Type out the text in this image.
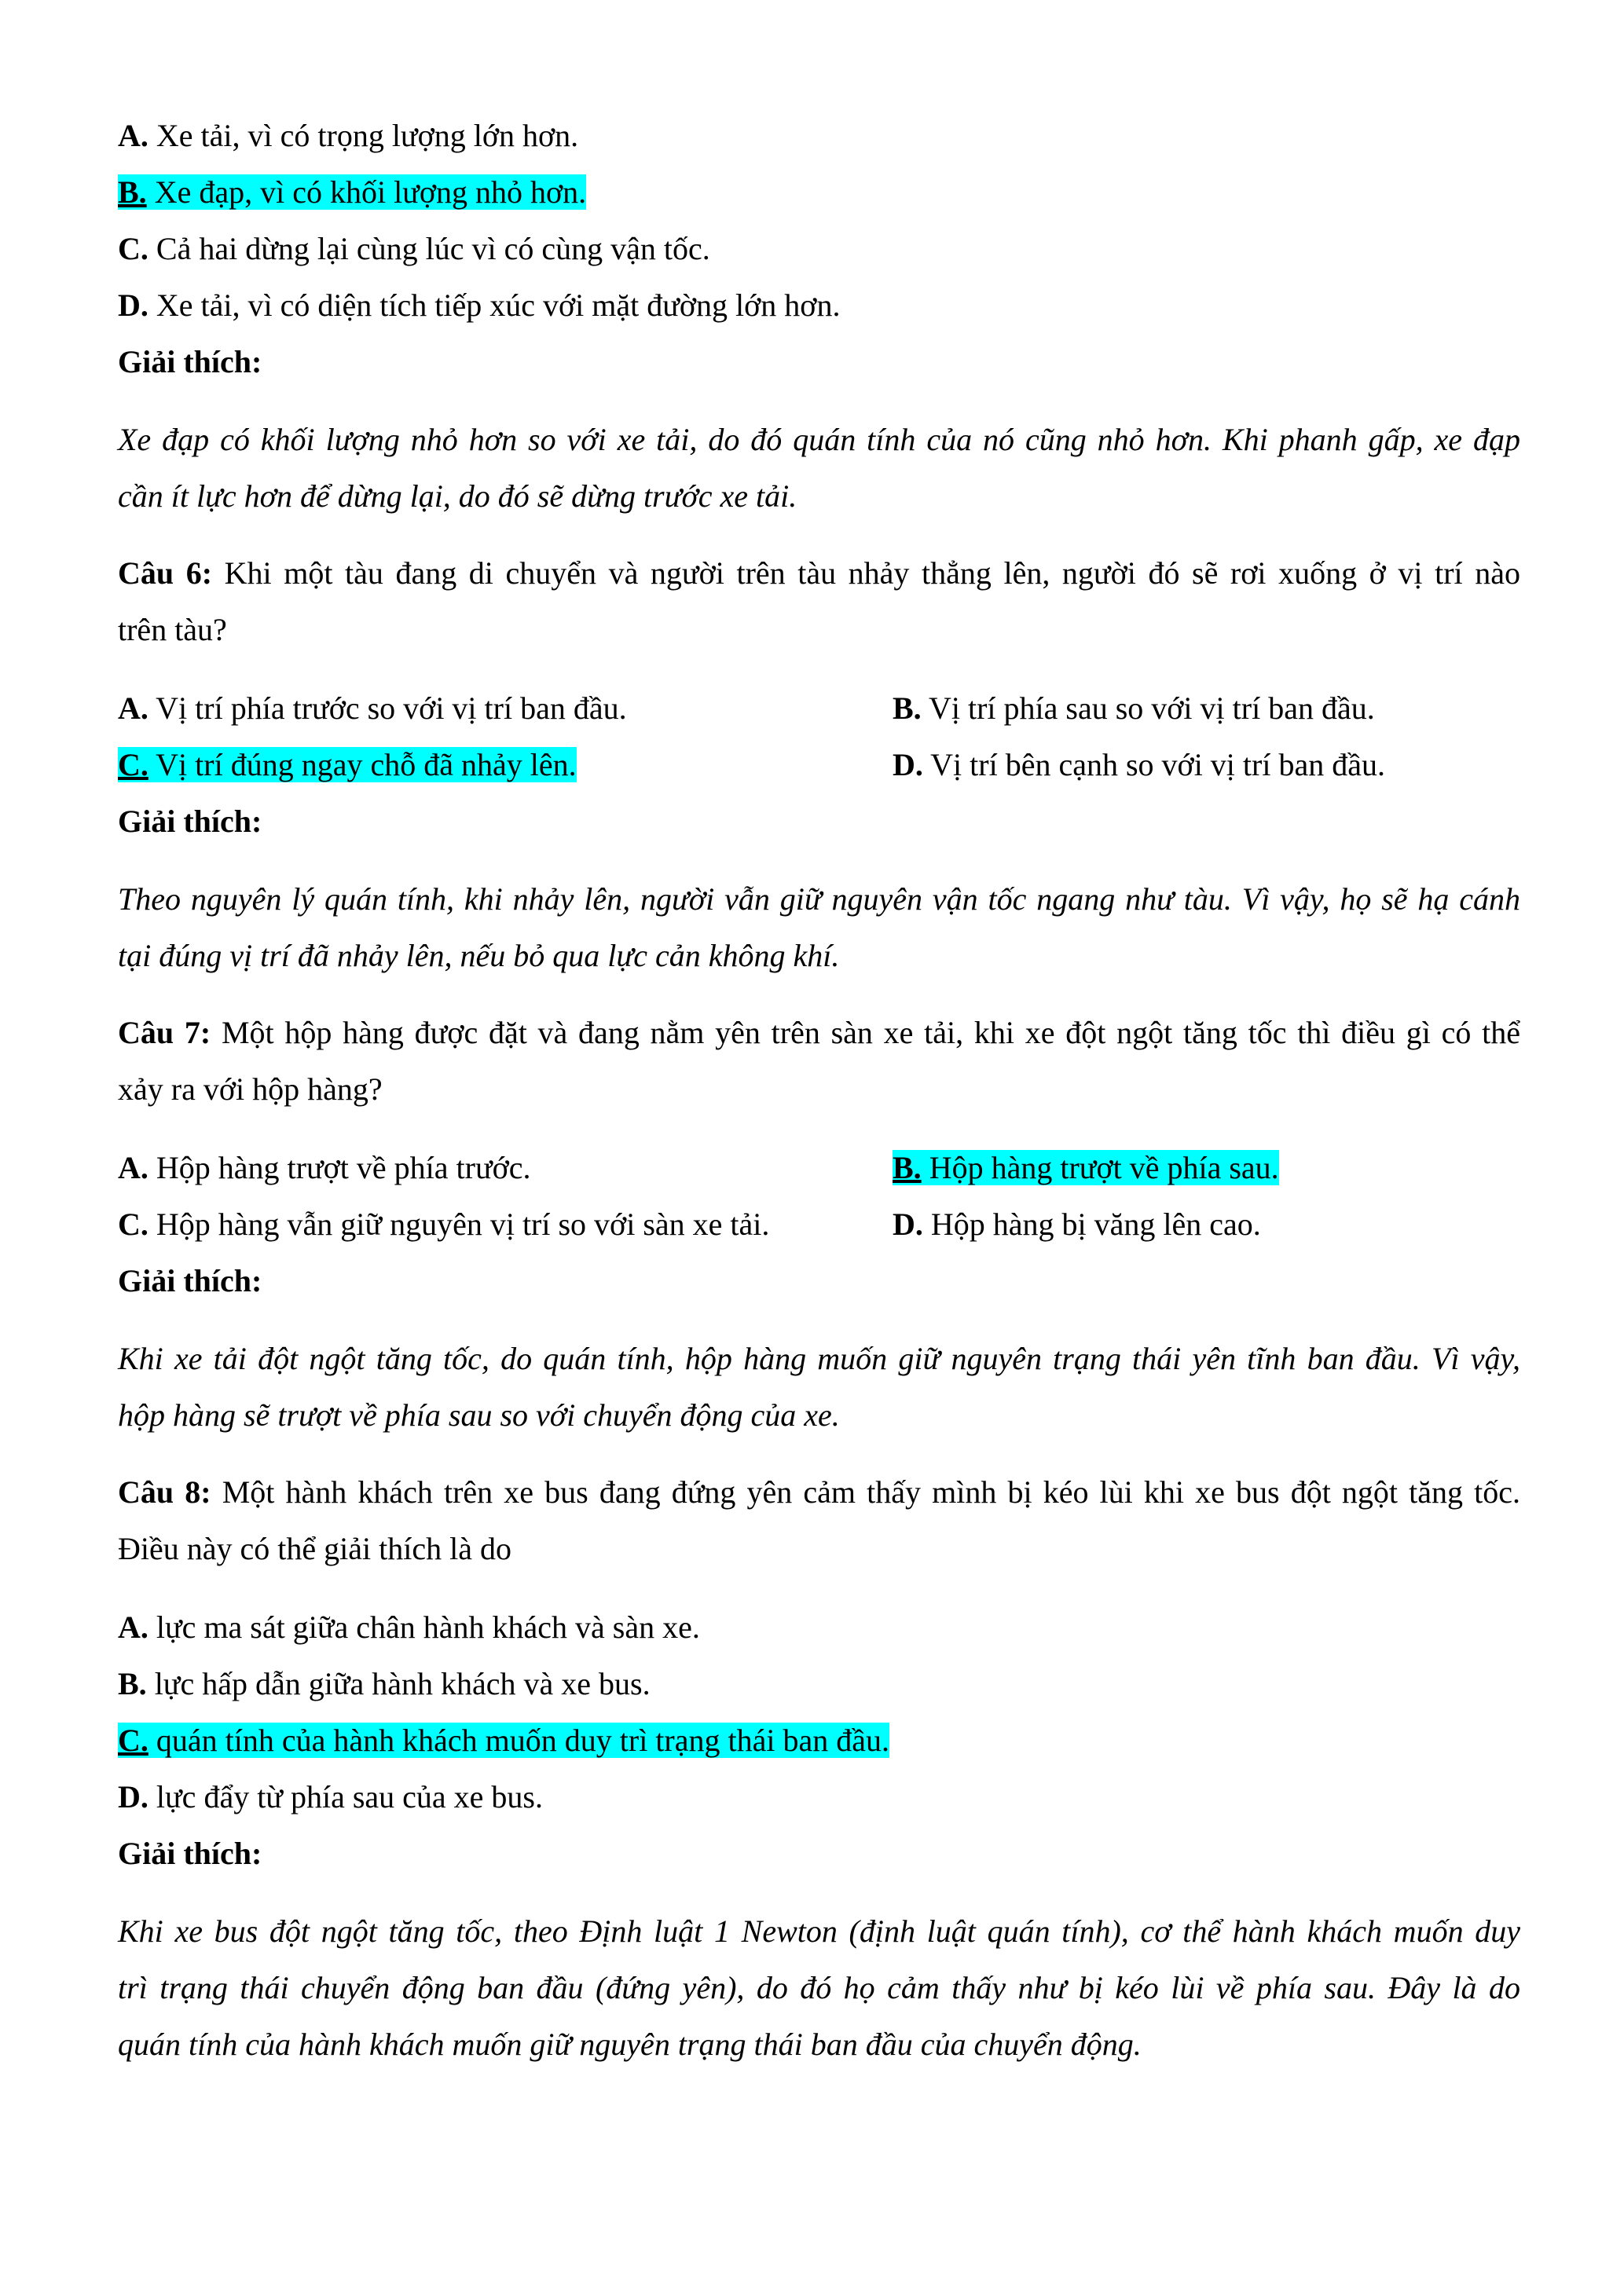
A. Xe tải, vì có trọng lượng lớn hơn.
B. Xe đạp, vì có khối lượng nhỏ hơn.
C. Cả hai dừng lại cùng lúc vì có cùng vận tốc.
D. Xe tải, vì có diện tích tiếp xúc với mặt đường lớn hơn.
Giải thích:
Xe đạp có khối lượng nhỏ hơn so với xe tải, do đó quán tính của nó cũng nhỏ hơn. Khi phanh gấp, xe đạp
cần ít lực hơn để dừng lại, do đó sẽ dừng trước xe tải.
Câu 6: Khi một tàu đang di chuyển và người trên tàu nhảy thẳng lên, người đó sẽ rơi xuống ở vị trí nào
trên tàu?
A. Vị trí phía trước so với vị trí ban đầu.	B. Vị trí phía sau so với vị trí ban đầu.
C. Vị trí đúng ngay chỗ đã nhảy lên.	D. Vị trí bên cạnh so với vị trí ban đầu.
Giải thích:
Theo nguyên lý quán tính, khi nhảy lên, người vẫn giữ nguyên vận tốc ngang như tàu. Vì vậy, họ sẽ hạ cánh
tại đúng vị trí đã nhảy lên, nếu bỏ qua lực cản không khí.
Câu 7: Một hộp hàng được đặt và đang nằm yên trên sàn xe tải, khi xe đột ngột tăng tốc thì điều gì có thể
xảy ra với hộp hàng?
A. Hộp hàng trượt về phía trước.	B. Hộp hàng trượt về phía sau.
C. Hộp hàng vẫn giữ nguyên vị trí so với sàn xe tải.	D. Hộp hàng bị văng lên cao.
Giải thích:
Khi xe tải đột ngột tăng tốc, do quán tính, hộp hàng muốn giữ nguyên trạng thái yên tĩnh ban đầu. Vì vậy,
hộp hàng sẽ trượt về phía sau so với chuyển động của xe.
Câu 8: Một hành khách trên xe bus đang đứng yên cảm thấy mình bị kéo lùi khi xe bus đột ngột tăng tốc.
Điều này có thể giải thích là do
A. lực ma sát giữa chân hành khách và sàn xe.
B. lực hấp dẫn giữa hành khách và xe bus.
C. quán tính của hành khách muốn duy trì trạng thái ban đầu.
D. lực đẩy từ phía sau của xe bus.
Giải thích:
Khi xe bus đột ngột tăng tốc, theo Định luật 1 Newton (định luật quán tính), cơ thể hành khách muốn duy
trì trạng thái chuyển động ban đầu (đứng yên), do đó họ cảm thấy như bị kéo lùi về phía sau. Đây là do
quán tính của hành khách muốn giữ nguyên trạng thái ban đầu của chuyển động.
